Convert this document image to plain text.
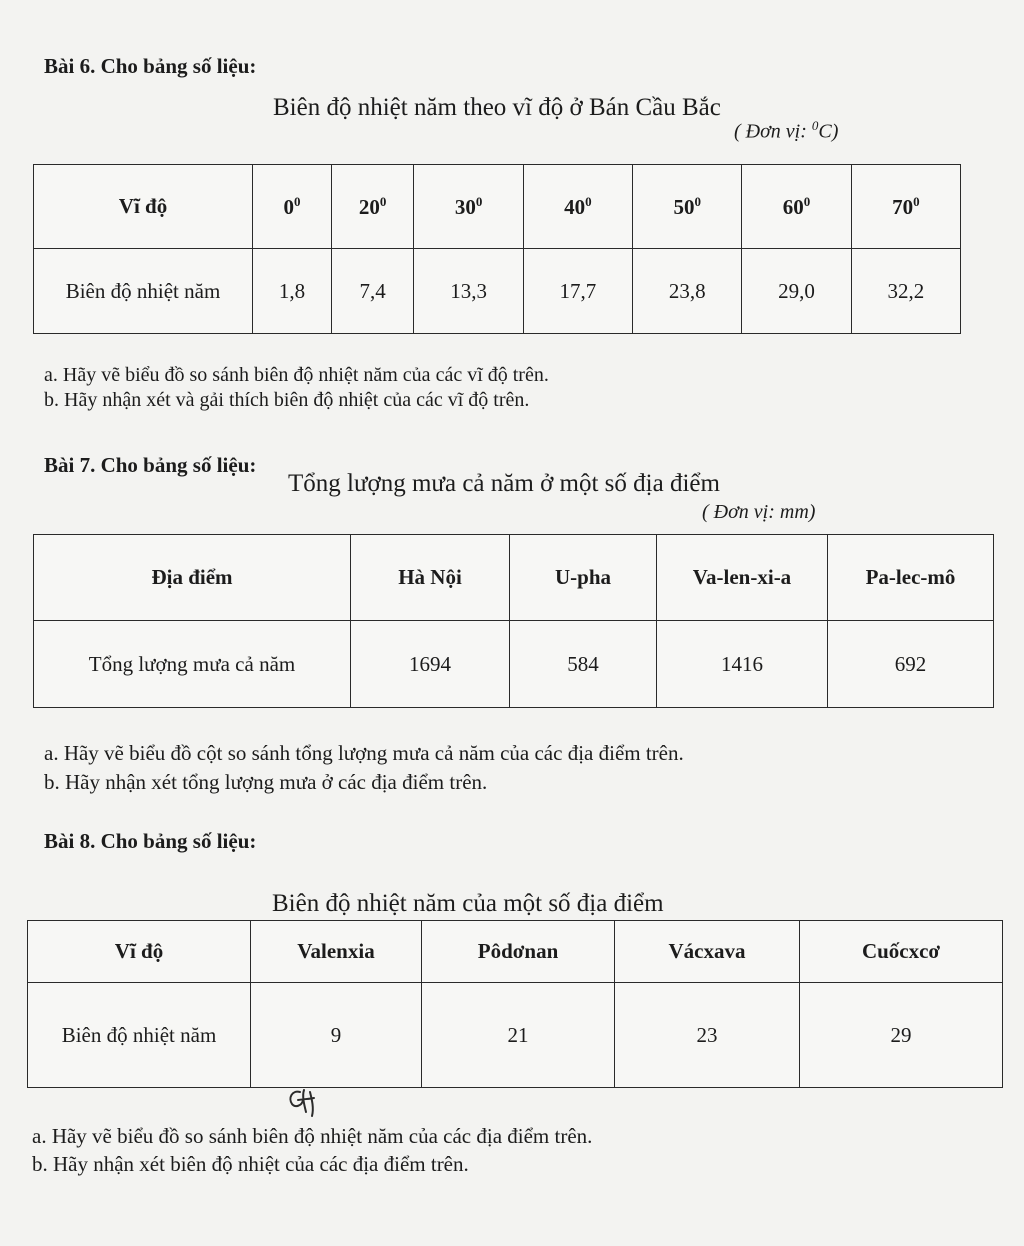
Bài 6. Cho bảng số liệu:
Biên độ nhiệt năm theo vĩ độ ở Bán Cầu Bắc
( Đơn vị: $^0$C)
Vĩ độ	$0^0$	$20^0$	$30^0$	$40^0$	$50^0$	$60^0$	$70^0$
Biên độ nhiệt năm	1,8	7,4	13,3	17,7	23,8	29,0	32,2
a. Hãy vẽ biểu đồ so sánh biên độ nhiệt năm của các vĩ độ trên.
b. Hãy nhận xét và gải thích biên độ nhiệt của các vĩ độ trên.
Bài 7. Cho bảng số liệu:
Tổng lượng mưa cả năm ở một số địa điểm
( Đơn vị: mm)
Địa điểm	Hà Nội	U-pha	Va-len-xi-a	Pa-lec-mô
Tổng lượng mưa cả năm	1694	584	1416	692
a. Hãy vẽ biểu đồ cột so sánh tổng lượng mưa cả năm của các địa điểm trên.
b. Hãy nhận xét tổng lượng mưa ở các địa điểm trên.
Bài 8. Cho bảng số liệu:
Biên độ nhiệt năm của một số địa điểm
Vĩ độ	Valenxia	Pôdơnan	Vácxava	Cuốcxcơ
Biên độ nhiệt năm	9	21	23	29
a. Hãy vẽ biểu đồ so sánh biên độ nhiệt năm của các địa điểm trên.
b. Hãy nhận xét biên độ nhiệt của các địa điểm trên.
